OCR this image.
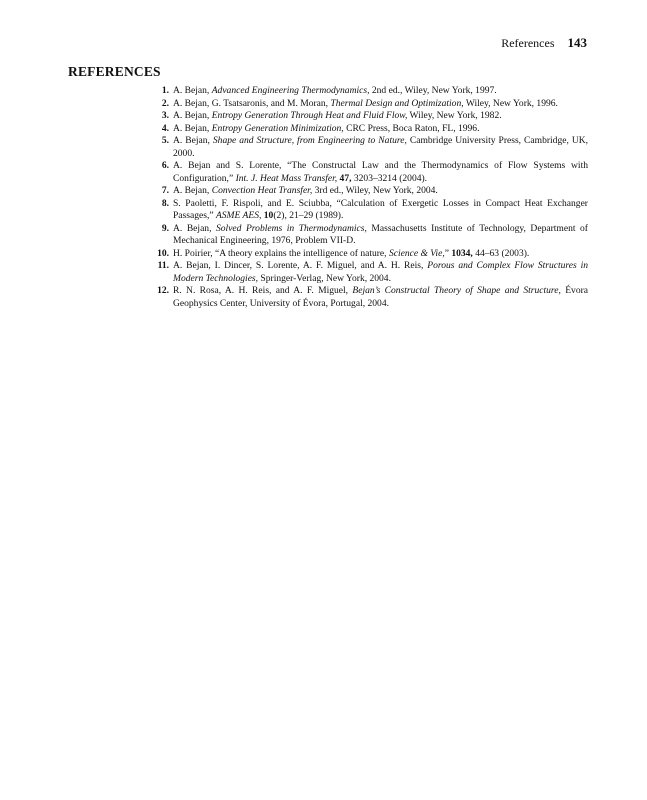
References 143
REFERENCES
1. A. Bejan, Advanced Engineering Thermodynamics, 2nd ed., Wiley, New York, 1997.
2. A. Bejan, G. Tsatsaronis, and M. Moran, Thermal Design and Optimization, Wiley, New York, 1996.
3. A. Bejan, Entropy Generation Through Heat and Fluid Flow, Wiley, New York, 1982.
4. A. Bejan, Entropy Generation Minimization, CRC Press, Boca Raton, FL, 1996.
5. A. Bejan, Shape and Structure, from Engineering to Nature, Cambridge University Press, Cambridge, UK, 2000.
6. A. Bejan and S. Lorente, “The Constructal Law and the Thermodynamics of Flow Systems with Configuration,” Int. J. Heat Mass Transfer, 47, 3203–3214 (2004).
7. A. Bejan, Convection Heat Transfer, 3rd ed., Wiley, New York, 2004.
8. S. Paoletti, F. Rispoli, and E. Sciubba, “Calculation of Exergetic Losses in Compact Heat Exchanger Passages,” ASME AES, 10(2), 21–29 (1989).
9. A. Bejan, Solved Problems in Thermodynamics, Massachusetts Institute of Technology, Department of Mechanical Engineering, 1976, Problem VII-D.
10. H. Poirier, “A theory explains the intelligence of nature, Science & Vie,” 1034, 44–63 (2003).
11. A. Bejan, I. Dincer, S. Lorente, A. F. Miguel, and A. H. Reis, Porous and Complex Flow Structures in Modern Technologies, Springer-Verlag, New York, 2004.
12. R. N. Rosa, A. H. Reis, and A. F. Miguel, Bejan’s Constructal Theory of Shape and Structure, Évora Geophysics Center, University of Évora, Portugal, 2004.
